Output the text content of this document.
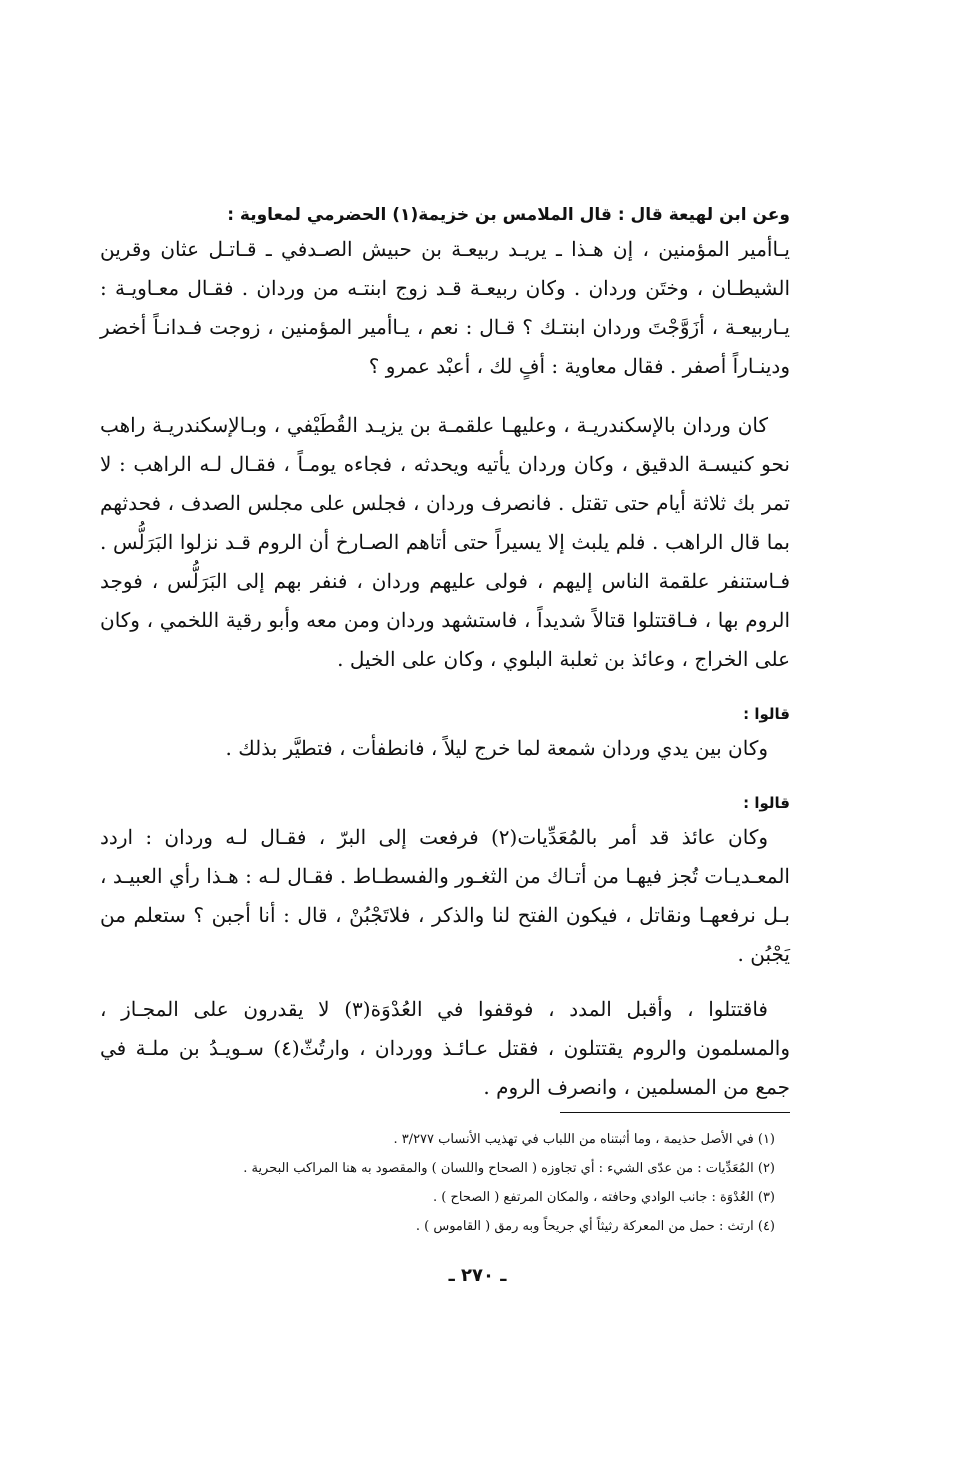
وعن ابن لهيعة قال : قال الملامس بن خزيمة(١) الحضرمي لمعاوية :

يـاأمير المؤمنين ، إن هـذا ـ يريـد ربيعـة بن حبيش الصـدفي ـ قـاتـل عثان وقرين الشيطـان ، وختَن وردان . وكان ربيعـة قـد زوج ابنتـه من وردان . فقـال معـاويـة : يـاربيعـة ، أزَوَّجْتَ وردان ابنتـك ؟ قـال : نعم ، يـاأمير المؤمنين ، زوجت فـدانـاً أخضر ودينـاراً أصفر . فقال معاوية : أفٍ لك ، أعبْد عمرو ؟

كان وردان بالإسكندريـة ، وعليهـا علقمـة بن يزيـد القُطَيْفي ، وبـالإسكندريـة راهب نحو كنيسـة الدقيق ، وكان وردان يأتيه ويحدثه ، فجاءه يومـاً ، فقـال لـه الراهب : لا تمر بك ثلاثة أيام حتى تقتل . فانصرف وردان ، فجلس على مجلس الصدف ، فحدثهم بما قال الراهب . فلم يلبث إلا يسيراً حتى أتاهم الصـارخ أن الروم قـد نزلوا البَرَلُّس . فـاستنفر علقمة الناس إليهم ، فولى عليهم وردان ، فنفر بهم إلى البَرَلُّس ، فوجد الروم بها ، فـاقتتلوا قتالاً شديداً ، فاستشهد وردان ومن معه وأبو رقية اللخمي ، وكان على الخراج ، وعائذ بن ثعلبة البلوي ، وكان على الخيل .

قالوا :

وكان بين يدي وردان شمعة لما خرج ليلاً ، فانطفأت ، فتطيَّر بذلك .

قالوا :

وكان عائذ قد أمر بالمُعَدِّيات(٢) فرفعت إلى البرّ ، فقـال لـه وردان : اردد المعـديـات تُجز فيهـا من أتـاك من الثغـور والفسطـاط . فقـال لـه : هـذا رأي العبيـد ، بـل نرفعهـا ونقاتل ، فيكون الفتح لنا والذكر ، فلاتَجْبُنْ ، قال : أنا أجبن ؟ ستعلم من يَجْبُن .

فاقتتلوا ، وأقبل المدد ، فوقفوا في العُدْوَة(٣) لا يقدرون على المجـاز ، والمسلمون والروم يقتتلون ، فقتل عـائـذ ووردان ، وارتُثّ(٤) سـويـدُ بن ملـة في جمع من المسلمين ، وانصرف الروم .

(١) في الأصل حذيمة ، وما أثبتناه من اللباب في تهذيب الأنساب ٣/٢٧٧ .

(٢) المُعَدِّيات : من عدّى الشيء : أي تجاوزه ( الصحاح واللسان ) والمقصود به هنا المراكب البحرية .

(٣) العُدْوَة : جانب الوادي وحافته ، والمكان المرتفع ( الصحاح ) .

(٤) ارتث : حمل من المعركة رثيثاً أي جريحاً وبه رمق ( القاموس ) .

ـ ٢٧٠ ـ
